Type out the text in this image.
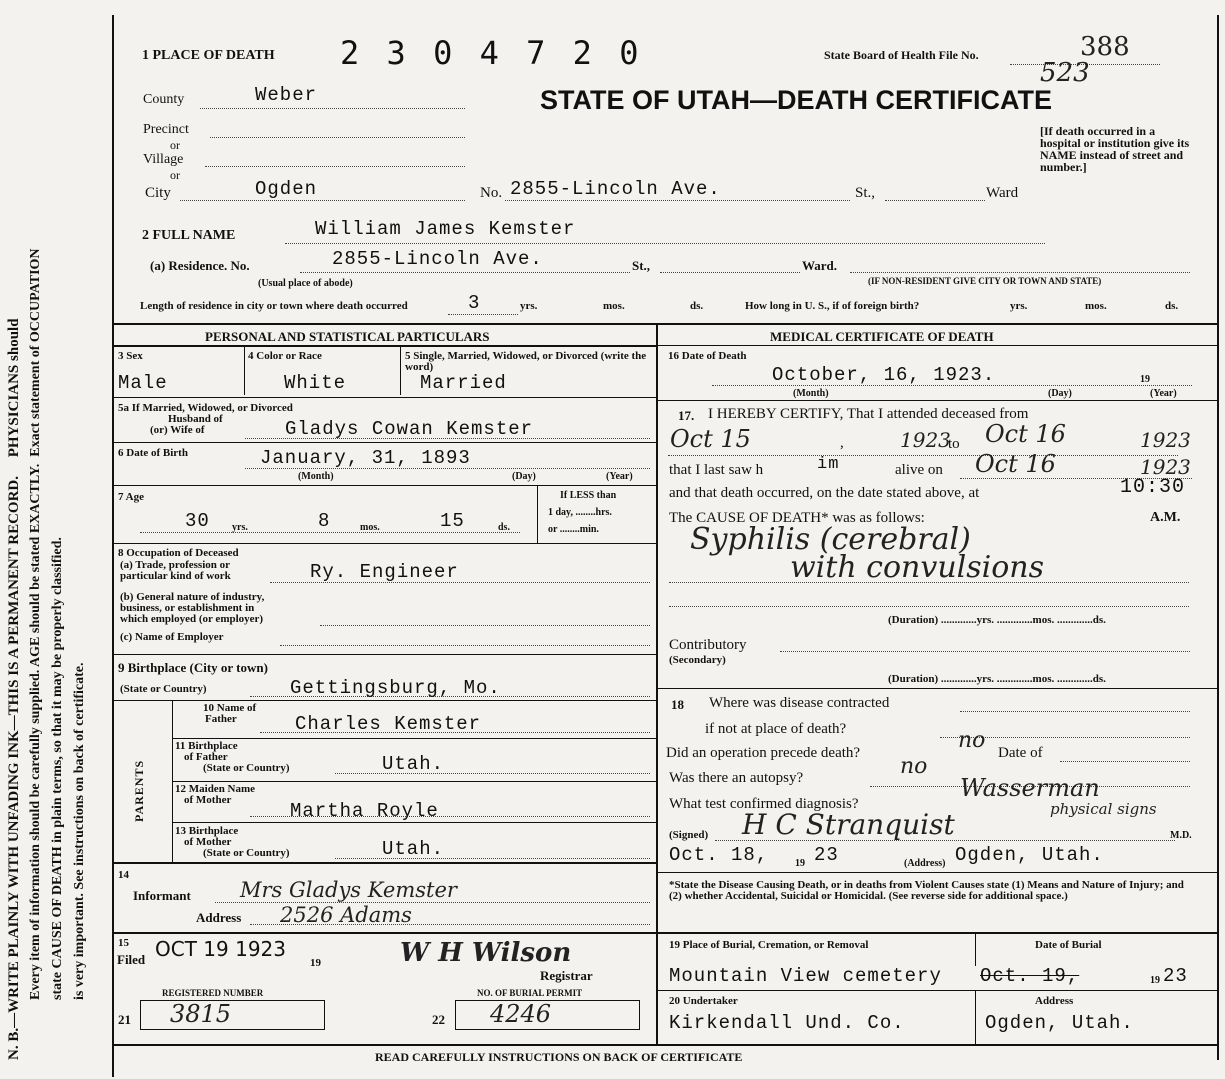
N. B.—WRITE PLAINLY WITH UNFADING INK—THIS IS A PERMANENT RECORD.     PHYSICIANS should
Every item of information should be carefully supplied. AGE should be stated EXACTLY.  Exact statement of OCCUPATION
state CAUSE OF DEATH in plain terms, so that it may be properly classified. is very important. See instructions on back of certificate.
1 PLACE OF DEATH 2 3 0 4 7 2 0	State Board of Health File No.	388
523
STATE OF UTAH—DEATH CERTIFICATE
County	Weber
Precinct
or
Village
or
City	Ogden	No. 2855-Lincoln Ave.	St.,	Ward
[If death occurred in a hospital or institution give its NAME instead of street and number.]
2 FULL NAME	William James Kemster
(a) Residence. No.	2855-Lincoln Ave.	St.,	Ward.
(Usual place of abode)	(IF NON-RESIDENT GIVE CITY OR TOWN AND STATE)
Length of residence in city or town where death occurred	3	yrs.	mos.	ds.	How long in U. S., if of foreign birth?	yrs.	mos.	ds.
PERSONAL AND STATISTICAL PARTICULARS
3 Sex
Male
4 Color or Race
White
5 Single, Married, Widowed, or Divorced (write the word)
Married
5a If Married, Widowed, or Divorced
Husband of
(or) Wife of	Gladys Cowan Kemster
6 Date of Birth	January, 31, 1893
(Month)	(Day)	(Year)
7 Age
30 yrs.	8	mos.	15	ds.
If LESS than
1 day, ........hrs.
or ........min.
8 Occupation of Deceased
(a) Trade, profession or
particular kind of work	Ry. Engineer
(b) General nature of industry,
business, or establishment in
which employed (or employer)
(c) Name of Employer
9 Birthplace (City or town)
(State or Country)	Gettingsburg, Mo.
PARENTS
10 Name of
Father	Charles Kemster
11 Birthplace
of Father
(State or Country)	Utah.
12 Maiden Name
of Mother	Martha Royle
13 Birthplace
of Mother
(State or Country)	Utah.
14
Informant Mrs Gladys Kemster
Address 2526 Adams
15
Filed OCT 19 1923
19	W H Wilson
Registrar
REGISTERED NUMBER
21 3815
NO. OF BURIAL PERMIT
22 4246
MEDICAL CERTIFICATE OF DEATH
16 Date of Death
October, 16, 1923.
(Month)	(Day)
19
(Year)
17. I HEREBY CERTIFY, That I attended deceased from
Oct 15	,	1923
to Oct 16	1923
that I last saw h	im	alive on Oct 16	1923
and that death occurred, on the date stated above, at	10:30
The CAUSE OF DEATH* was as follows:	A.M.
Syphilis (cerebral)
with convulsions
(Duration) .............yrs. .............mos. .............ds.
Contributory
(Secondary)
(Duration) .............yrs. .............mos. .............ds.
18 Where was disease contracted
if not at place of death?
Did an operation precede death?	no Date of
Was there an autopsy?	no
What test confirmed diagnosis?
Wasserman
physical signs
(Signed) H C Stranquist	M.D.
Oct. 18,	19 23	(Address) Ogden, Utah.
*State the Disease Causing Death, or in deaths from Violent Causes state (1) Means and Nature of Injury; and (2) whether Accidental, Suicidal or Homicidal. (See reverse side for additional space.)
19 Place of Burial, Cremation, or Removal	Date of Burial
Mountain View cemetery Oct. 19,	19 23
20 Undertaker
Kirkendall Und. Co.
Address
Ogden, Utah.
READ CAREFULLY INSTRUCTIONS ON BACK OF CERTIFICATE
